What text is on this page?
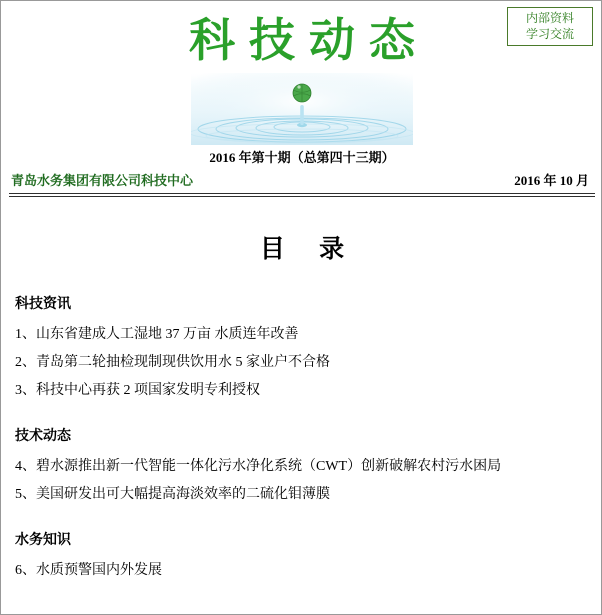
内部资料
学习交流
科技动态
2016 年第十期（总第四十三期）
青岛水务集团有限公司科技中心	2016 年 10 月
目 录
科技资讯
1、山东省建成人工湿地 37 万亩 水质连年改善
2、青岛第二轮抽检现制现供饮用水 5 家业户不合格
3、科技中心再获 2 项国家发明专利授权
技术动态
4、碧水源推出新一代智能一体化污水净化系统（CWT）创新破解农村污水困局
5、美国研发出可大幅提高海淡效率的二硫化钼薄膜
水务知识
6、水质预警国内外发展
